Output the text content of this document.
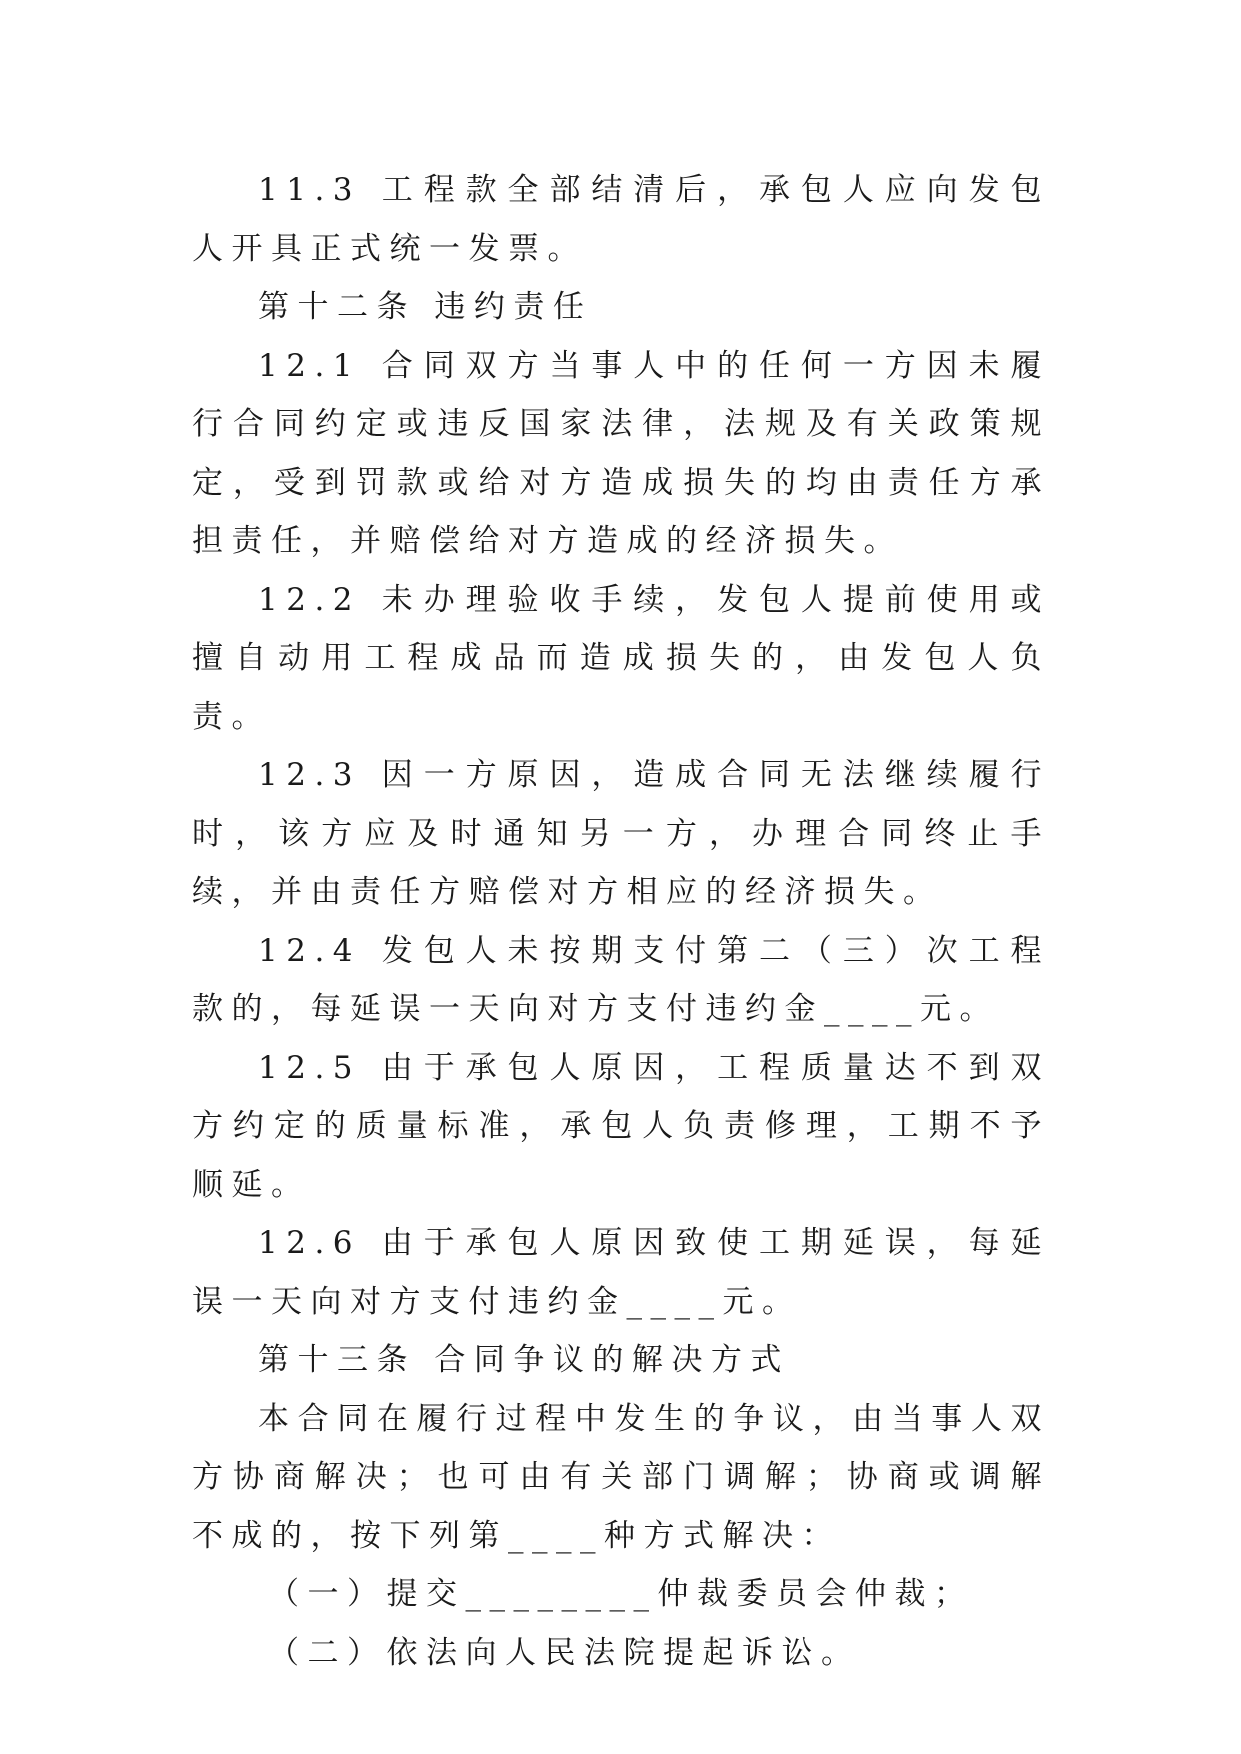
11.3 工程款全部结清后，承包人应向发包人开具正式统一发票。

第十二条 违约责任

12.1 合同双方当事人中的任何一方因未履行合同约定或违反国家法律，法规及有关政策规定，受到罚款或给对方造成损失的均由责任方承担责任，并赔偿给对方造成的经济损失。

12.2 未办理验收手续，发包人提前使用或擅自动用工程成品而造成损失的，由发包人负责。

12.3 因一方原因，造成合同无法继续履行时，该方应及时通知另一方，办理合同终止手续，并由责任方赔偿对方相应的经济损失。

12.4 发包人未按期支付第二（三）次工程款的，每延误一天向对方支付违约金____元。

12.5 由于承包人原因，工程质量达不到双方约定的质量标准，承包人负责修理，工期不予顺延。

12.6 由于承包人原因致使工期延误，每延误一天向对方支付违约金____元。

第十三条 合同争议的解决方式

本合同在履行过程中发生的争议，由当事人双方协商解决；也可由有关部门调解；协商或调解不成的，按下列第____种方式解决：

（一）提交________仲裁委员会仲裁；

（二）依法向人民法院提起诉讼。
